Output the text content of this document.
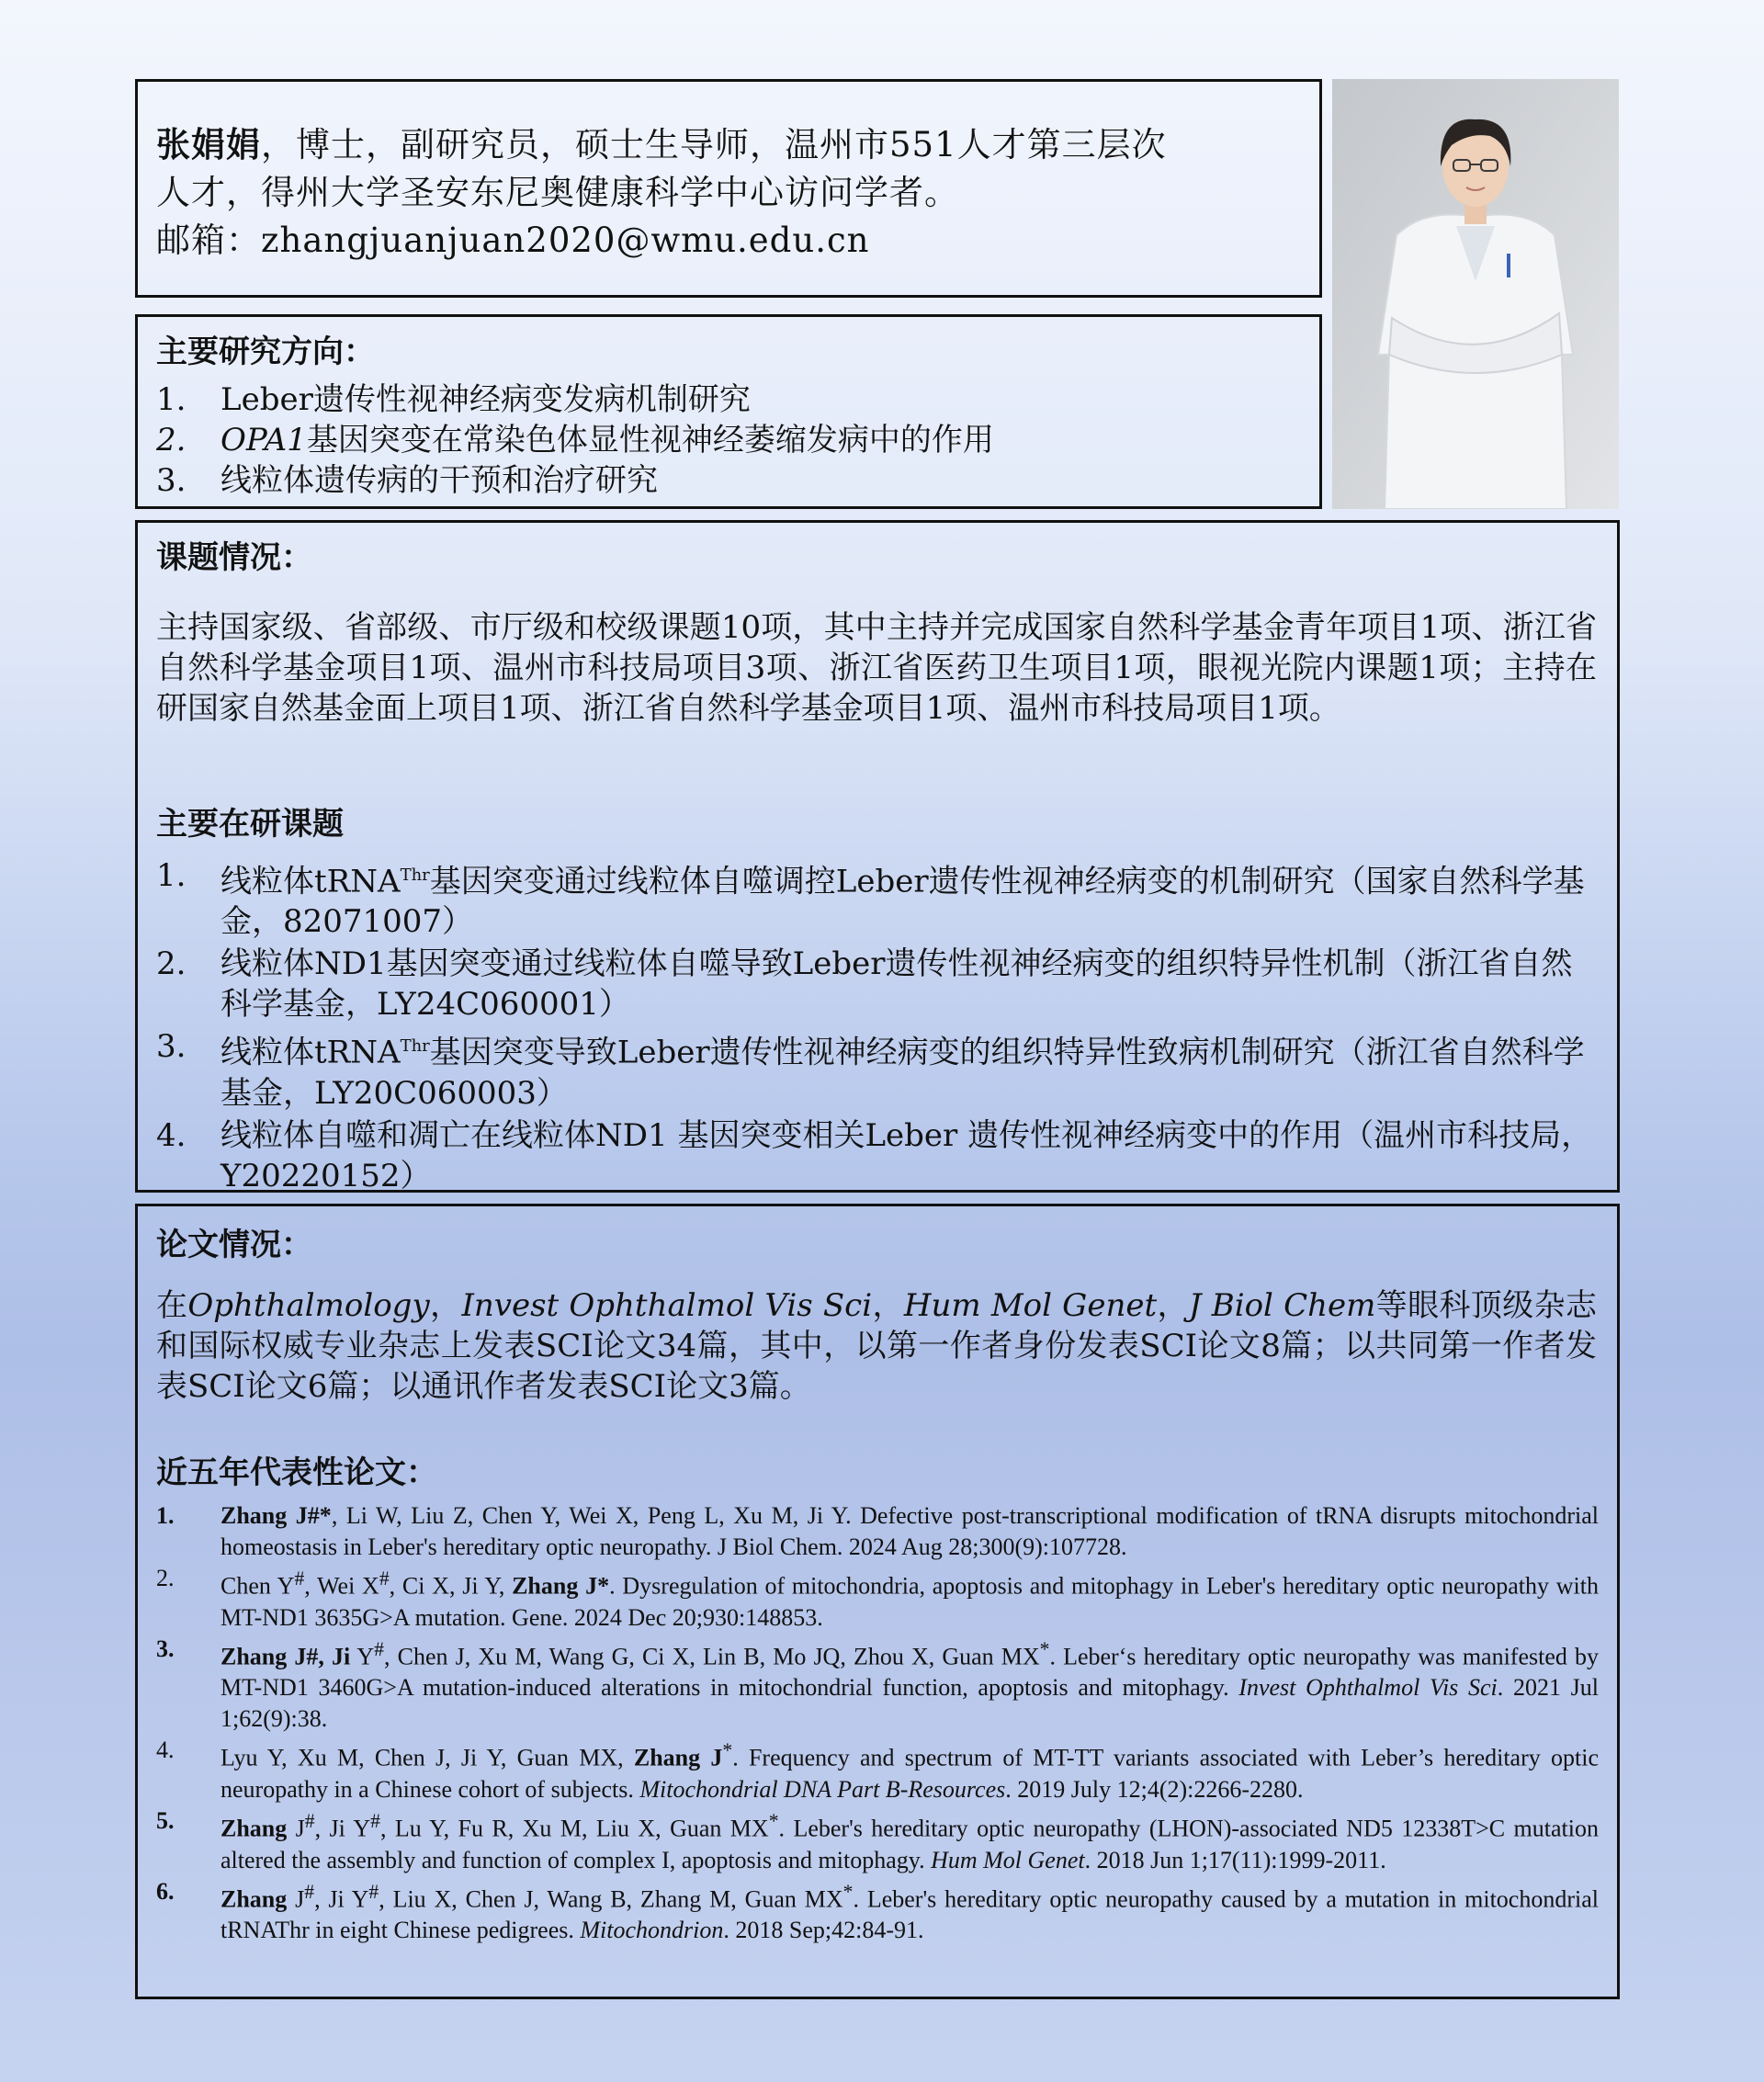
张娟娟，博士，副研究员，硕士生导师，温州市551人才第三层次
人才，得州大学圣安东尼奥健康科学中心访问学者。
邮箱：zhangjuanjuan2020@wmu.edu.cn
主要研究方向：
1. Leber遗传性视神经病变发病机制研究
2. OPA1基因突变在常染色体显性视神经萎缩发病中的作用
3. 线粒体遗传病的干预和治疗研究
课题情况：
主持国家级、省部级、市厅级和校级课题10项，其中主持并完成国家自然科学基金青年项目1项、浙江省自然科学基金项目1项、温州市科技局项目3项、浙江省医药卫生项目1项，眼视光院内课题1项；主持在研国家自然基金面上项目1项、浙江省自然科学基金项目1项、温州市科技局项目1项。
主要在研课题
1. 线粒体tRNA$^{Thr}$基因突变通过线粒体自噬调控Leber遗传性视神经病变的机制研究（国家自然科学基金，82071007）
2. 线粒体ND1基因突变通过线粒体自噬导致Leber遗传性视神经病变的组织特异性机制（浙江省自然科学基金，LY24C060001）
3. 线粒体tRNA$^{Thr}$基因突变导致Leber遗传性视神经病变的组织特异性致病机制研究（浙江省自然科学基金，LY20C060003）
4. 线粒体自噬和凋亡在线粒体ND1 基因突变相关Leber 遗传性视神经病变中的作用（温州市科技局，Y20220152）
论文情况：
在Ophthalmology，Invest Ophthalmol Vis Sci，Hum Mol Genet，J Biol Chem等眼科顶级杂志和国际权威专业杂志上发表SCI论文34篇，其中，以第一作者身份发表SCI论文8篇；以共同第一作者发表SCI论文6篇；以通讯作者发表SCI论文3篇。
近五年代表性论文：
1. Zhang J#*, Li W, Liu Z, Chen Y, Wei X, Peng L, Xu M, Ji Y. Defective post-transcriptional modification of tRNA disrupts mitochondrial homeostasis in Leber's hereditary optic neuropathy. J Biol Chem. 2024 Aug 28;300(9):107728.
2. Chen Y#, Wei X#, Ci X, Ji Y, Zhang J*. Dysregulation of mitochondria, apoptosis and mitophagy in Leber's hereditary optic neuropathy with MT-ND1 3635G>A mutation. Gene. 2024 Dec 20;930:148853.
3. Zhang J#, Ji Y#, Chen J, Xu M, Wang G, Ci X, Lin B, Mo JQ, Zhou X, Guan MX*. Leber‘s hereditary optic neuropathy was manifested by MT-ND1 3460G>A mutation-induced alterations in mitochondrial function, apoptosis and mitophagy. Invest Ophthalmol Vis Sci. 2021 Jul 1;62(9):38.
4. Lyu Y, Xu M, Chen J, Ji Y, Guan MX, Zhang J*. Frequency and spectrum of MT-TT variants associated with Leber’s hereditary optic neuropathy in a Chinese cohort of subjects. Mitochondrial DNA Part B-Resources. 2019 July 12;4(2):2266-2280.
5. Zhang J#, Ji Y#, Lu Y, Fu R, Xu M, Liu X, Guan MX*. Leber's hereditary optic neuropathy (LHON)-associated ND5 12338T>C mutation altered the assembly and function of complex I, apoptosis and mitophagy. Hum Mol Genet. 2018 Jun 1;17(11):1999-2011.
6. Zhang J#, Ji Y#, Liu X, Chen J, Wang B, Zhang M, Guan MX*. Leber's hereditary optic neuropathy caused by a mutation in mitochondrial tRNAThr in eight Chinese pedigrees. Mitochondrion. 2018 Sep;42:84-91.
